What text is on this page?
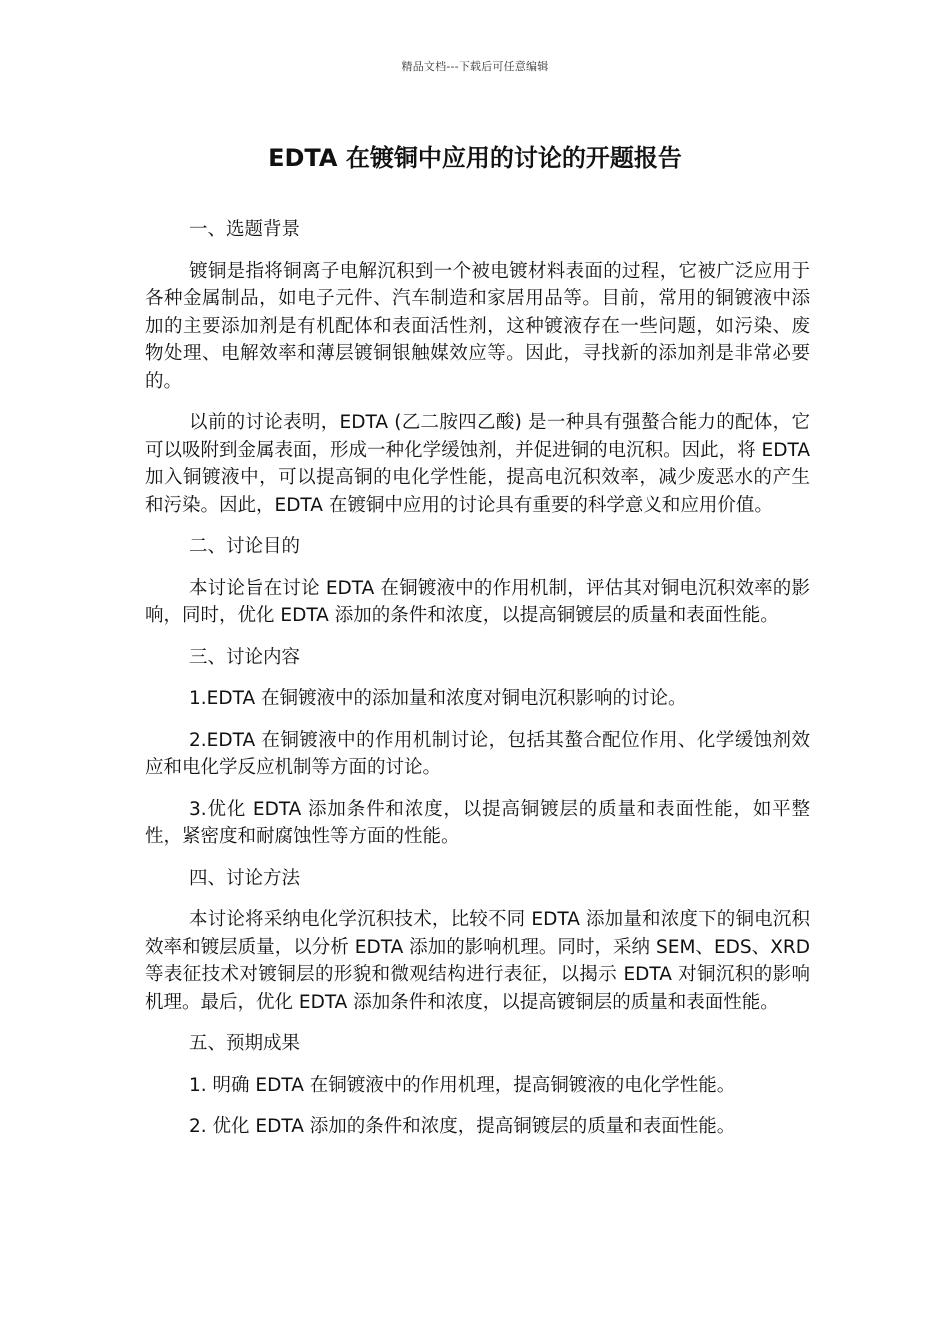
精品文档---下载后可任意编辑
EDTA 在镀铜中应用的讨论的开题报告

一、选题背景

镀铜是指将铜离子电解沉积到一个被电镀材料表面的过程，它被广泛应用于各种金属制品，如电子元件、汽车制造和家居用品等。目前，常用的铜镀液中添加的主要添加剂是有机配体和表面活性剂，这种镀液存在一些问题，如污染、废物处理、电解效率和薄层镀铜银触媒效应等。因此，寻找新的添加剂是非常必要的。

以前的讨论表明，EDTA (乙二胺四乙酸) 是一种具有强螯合能力的配体，它可以吸附到金属表面，形成一种化学缓蚀剂，并促进铜的电沉积。因此，将 EDTA 加入铜镀液中，可以提高铜的电化学性能，提高电沉积效率，减少废恶水的产生和污染。因此，EDTA 在镀铜中应用的讨论具有重要的科学意义和应用价值。

二、讨论目的

本讨论旨在讨论 EDTA 在铜镀液中的作用机制，评估其对铜电沉积效率的影响，同时，优化 EDTA 添加的条件和浓度，以提高铜镀层的质量和表面性能。

三、讨论内容

1.EDTA 在铜镀液中的添加量和浓度对铜电沉积影响的讨论。

2.EDTA 在铜镀液中的作用机制讨论，包括其螯合配位作用、化学缓蚀剂效应和电化学反应机制等方面的讨论。

3.优化 EDTA 添加条件和浓度，以提高铜镀层的质量和表面性能，如平整性，紧密度和耐腐蚀性等方面的性能。

四、讨论方法

本讨论将采纳电化学沉积技术，比较不同 EDTA 添加量和浓度下的铜电沉积效率和镀层质量，以分析 EDTA 添加的影响机理。同时，采纳 SEM、EDS、XRD 等表征技术对镀铜层的形貌和微观结构进行表征，以揭示 EDTA 对铜沉积的影响机理。最后，优化 EDTA 添加条件和浓度，以提高镀铜层的质量和表面性能。

五、预期成果

1. 明确 EDTA 在铜镀液中的作用机理，提高铜镀液的电化学性能。

2. 优化 EDTA 添加的条件和浓度，提高铜镀层的质量和表面性能。
